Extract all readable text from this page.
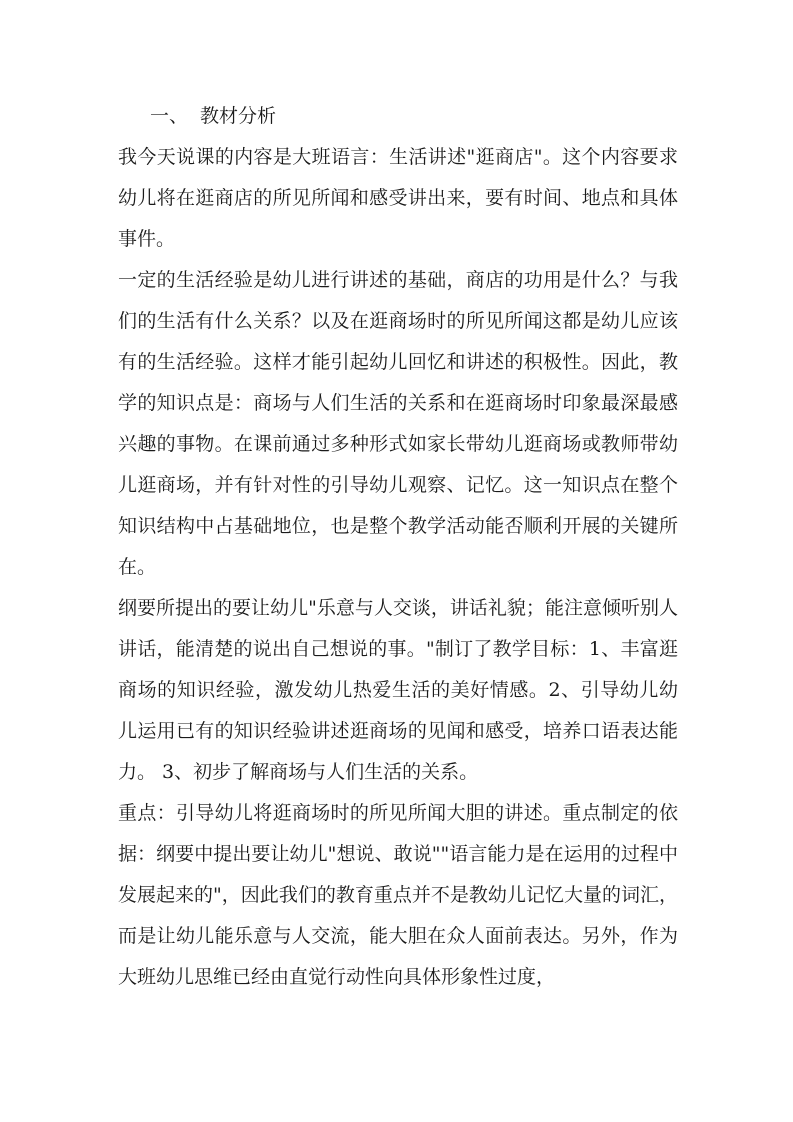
一、 教材分析

我今天说课的内容是大班语言：生活讲述"逛商店"。这个内容要求幼儿将在逛商店的所见所闻和感受讲出来，要有时间、地点和具体事件。

一定的生活经验是幼儿进行讲述的基础，商店的功用是什么？与我们的生活有什么关系？以及在逛商场时的所见所闻这都是幼儿应该有的生活经验。这样才能引起幼儿回忆和讲述的积极性。因此，教学的知识点是：商场与人们生活的关系和在逛商场时印象最深最感兴趣的事物。在课前通过多种形式如家长带幼儿逛商场或教师带幼儿逛商场，并有针对性的引导幼儿观察、记忆。这一知识点在整个知识结构中占基础地位，也是整个教学活动能否顺利开展的关键所在。

纲要所提出的要让幼儿"乐意与人交谈，讲话礼貌；能注意倾听别人讲话，能清楚的说出自己想说的事。"制订了教学目标：1、丰富逛商场的知识经验，激发幼儿热爱生活的美好情感。2、引导幼儿幼儿运用已有的知识经验讲述逛商场的见闻和感受，培养口语表达能力。 3、初步了解商场与人们生活的关系。

重点：引导幼儿将逛商场时的所见所闻大胆的讲述。重点制定的依据：纲要中提出要让幼儿"想说、敢说""语言能力是在运用的过程中发展起来的"，因此我们的教育重点并不是教幼儿记忆大量的词汇，而是让幼儿能乐意与人交流，能大胆在众人面前表达。另外，作为大班幼儿思维已经由直觉行动性向具体形象性过度，
